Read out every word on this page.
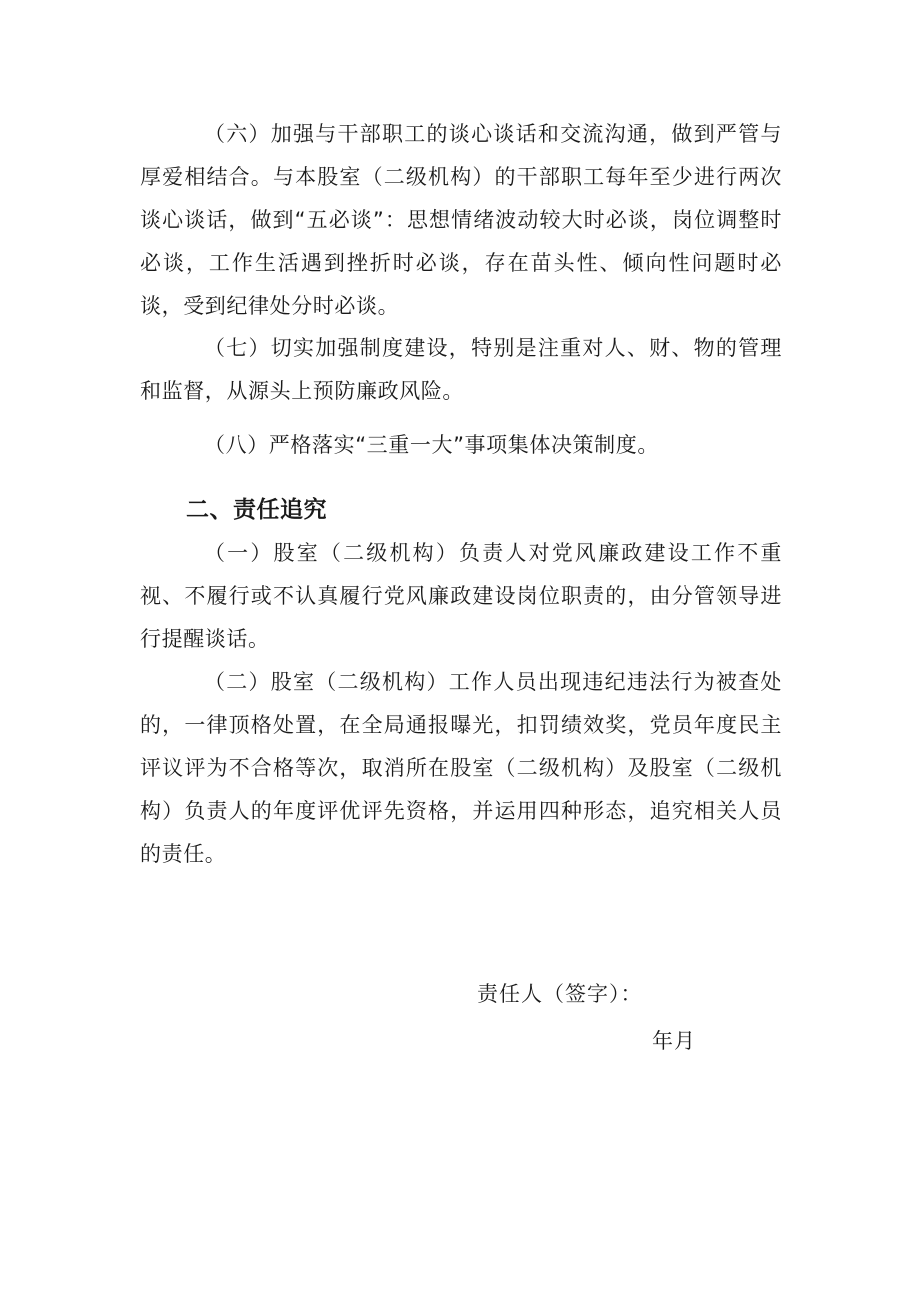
（六）加强与干部职工的谈心谈话和交流沟通，做到严管与厚爱相结合。与本股室（二级机构）的干部职工每年至少进行两次谈心谈话，做到“五必谈”：思想情绪波动较大时必谈，岗位调整时必谈，工作生活遇到挫折时必谈，存在苗头性、倾向性问题时必谈，受到纪律处分时必谈。

（七）切实加强制度建设，特别是注重对人、财、物的管理和监督，从源头上预防廉政风险。

（八）严格落实“三重一大”事项集体决策制度。

二、责任追究

（一）股室（二级机构）负责人对党风廉政建设工作不重视、不履行或不认真履行党风廉政建设岗位职责的，由分管领导进行提醒谈话。

（二）股室（二级机构）工作人员出现违纪违法行为被查处的，一律顶格处置，在全局通报曝光，扣罚绩效奖，党员年度民主评议评为不合格等次，取消所在股室（二级机构）及股室（二级机构）负责人的年度评优评先资格，并运用四种形态，追究相关人员的责任。

责任人（签字）：

年月
